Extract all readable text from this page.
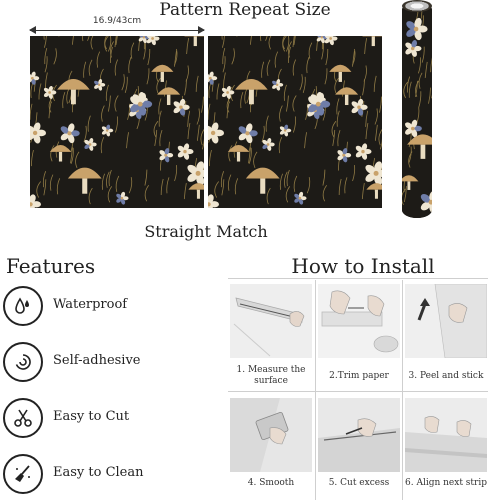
Pattern Repeat Size
16.9/43cm
Straight Match
Features
Waterproof
Self-adhesive
Easy to Cut
Easy to Clean
How to Install
1. Measure the
surface	2.Trim paper	3. Peel and stick
4. Smooth	5. Cut excess	6. Align next strip
